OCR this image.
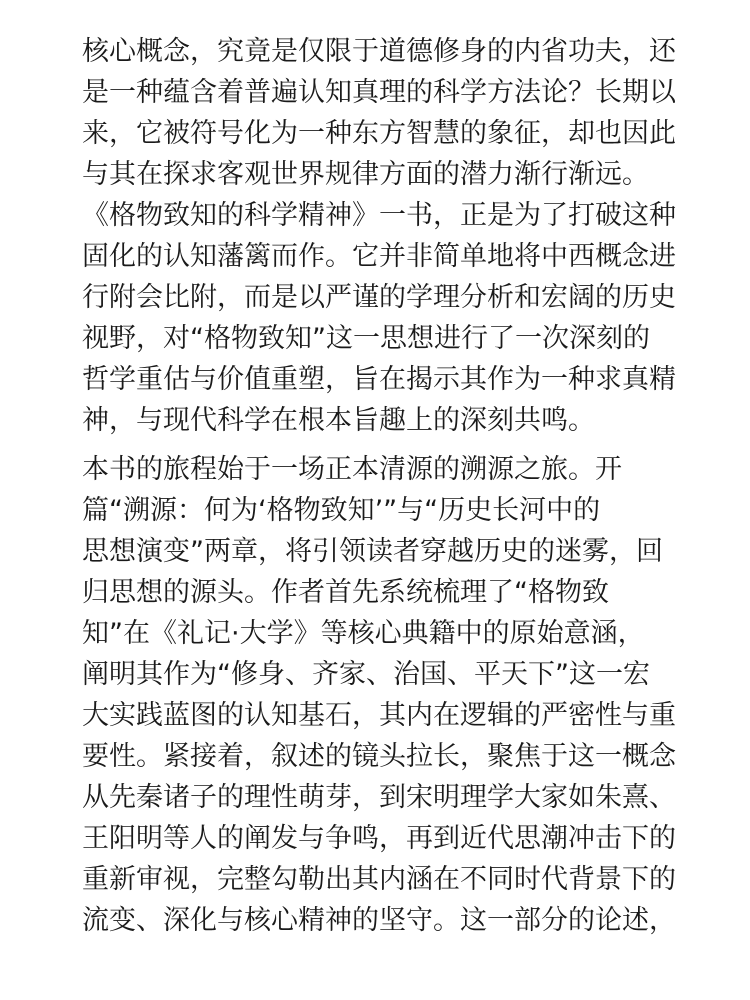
核心概念，究竟是仅限于道德修身的内省功夫，还
是一种蕴含着普遍认知真理的科学方法论？长期以
来，它被符号化为一种东方智慧的象征，却也因此
与其在探求客观世界规律方面的潜力渐行渐远。
《格物致知的科学精神》一书，正是为了打破这种
固化的认知藩篱而作。它并非简单地将中西概念进
行附会比附，而是以严谨的学理分析和宏阔的历史
视野，对“格物致知”这一思想进行了一次深刻的
哲学重估与价值重塑，旨在揭示其作为一种求真精
神，与现代科学在根本旨趣上的深刻共鸣。
本书的旅程始于一场正本清源的溯源之旅。开
篇“溯源：何为‘格物致知’”与“历史长河中的
思想演变”两章，将引领读者穿越历史的迷雾，回
归思想的源头。作者首先系统梳理了“格物致
知”在《礼记·大学》等核心典籍中的原始意涵，
阐明其作为“修身、齐家、治国、平天下”这一宏
大实践蓝图的认知基石，其内在逻辑的严密性与重
要性。紧接着，叙述的镜头拉长，聚焦于这一概念
从先秦诸子的理性萌芽，到宋明理学大家如朱熹、
王阳明等人的阐发与争鸣，再到近代思潮冲击下的
重新审视，完整勾勒出其内涵在不同时代背景下的
流变、深化与核心精神的坚守。这一部分的论述，
